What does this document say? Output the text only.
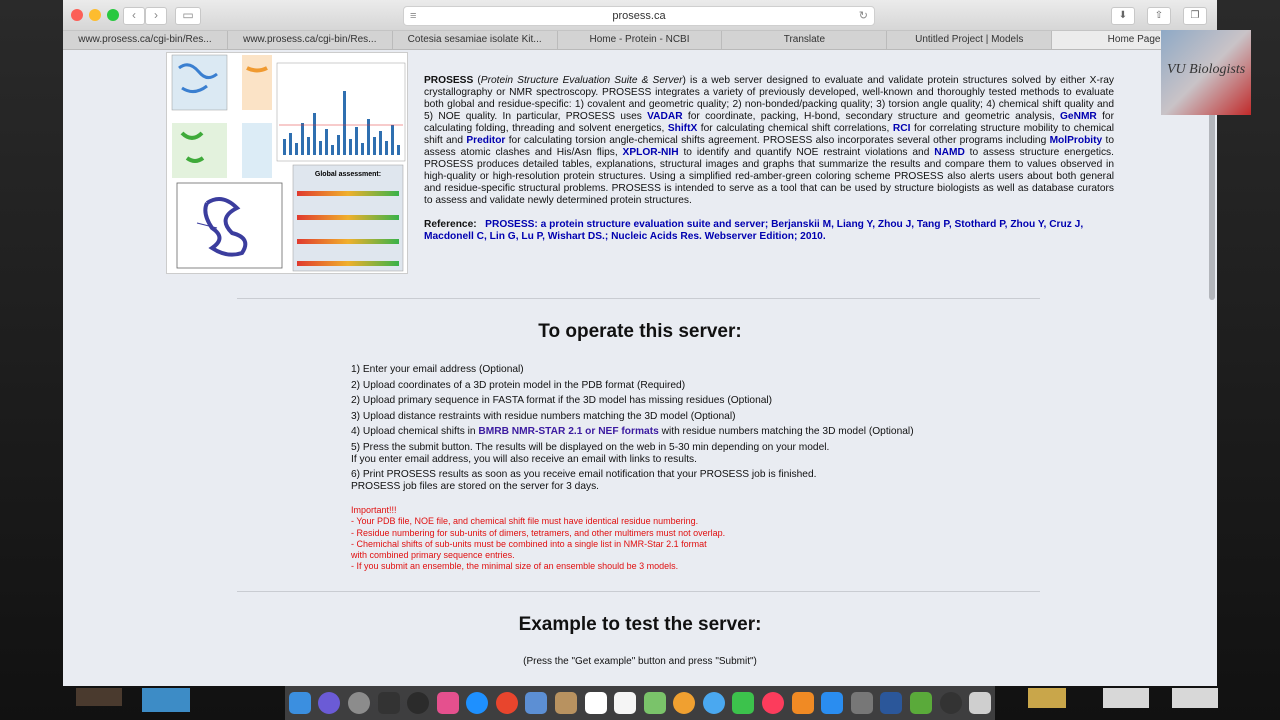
‹	›	▭	≡	prosess.ca	↻	⬇	⇧	❐
www.prosess.ca/cgi-bin/Res...	www.prosess.ca/cgi-bin/Res...	Cotesia sesamiae isolate Kit...	Home - Protein - NCBI	Translate	Untitled Project | Models	Home Page
Global assessment:
PROSESS (Protein Structure Evaluation Suite & Server) is a web server designed to evaluate and validate protein structures solved by either X-ray crystallography or NMR spectroscopy. PROSESS integrates a variety of previously developed, well-known and thoroughly tested methods to evaluate both global and residue-specific: 1) covalent and geometric quality; 2) non-bonded/packing quality; 3) torsion angle quality; 4) chemical shift quality and 5) NOE quality. In particular, PROSESS uses VADAR for coordinate, packing, H-bond, secondary structure and geometric analysis, GeNMR for calculating folding, threading and solvent energetics, ShiftX for calculating chemical shift correlations, RCI for correlating structure mobility to chemical shift and Preditor for calculating torsion angle-chemical shifts agreement. PROSESS also incorporates several other programs including MolProbity to assess atomic clashes and His/Asn flips, XPLOR-NIH to identify and quantify NOE restraint violations and NAMD to assess structure energetics. PROSESS produces detailed tables, explanations, structural images and graphs that summarize the results and compare them to values observed in high-quality or high-resolution protein structures. Using a simplified red-amber-green coloring scheme PROSESS also alerts users about both general and residue-specific structural problems. PROSESS is intended to serve as a tool that can be used by structure biologists as well as database curators to assess and validate newly determined protein structures.
Reference: PROSESS: a protein structure evaluation suite and server; Berjanskii M, Liang Y, Zhou J, Tang P, Stothard P, Zhou Y, Cruz J, Macdonell C, Lin G, Lu P, Wishart DS.; Nucleic Acids Res. Webserver Edition; 2010.
To operate this server:
1) Enter your email address (Optional)
2) Upload coordinates of a 3D protein model in the PDB format (Required)
2) Upload primary sequence in FASTA format if the 3D model has missing residues (Optional)
3) Upload distance restraints with residue numbers matching the 3D model (Optional)
4) Upload chemical shifts in BMRB NMR-STAR 2.1 or NEF formats with residue numbers matching the 3D model (Optional)
5) Press the submit button. The results will be displayed on the web in 5-30 min depending on your model.
If you enter email address, you will also receive an email with links to results.
6) Print PROSESS results as soon as you receive email notification that your PROSESS job is finished.
PROSESS job files are stored on the server for 3 days.
Important!!!
- Your PDB file, NOE file, and chemical shift file must have identical residue numbering.
- Residue numbering for sub-units of dimers, tetramers, and other multimers must not overlap.
- Chemichal shifts of sub-units must be combined into a single list in NMR-Star 2.1 format
with combined primary sequence entries.
- If you submit an ensemble, the minimal size of an ensemble should be 3 models.
Example to test the server:
(Press the "Get example" button and press "Submit")
VU Biologists
